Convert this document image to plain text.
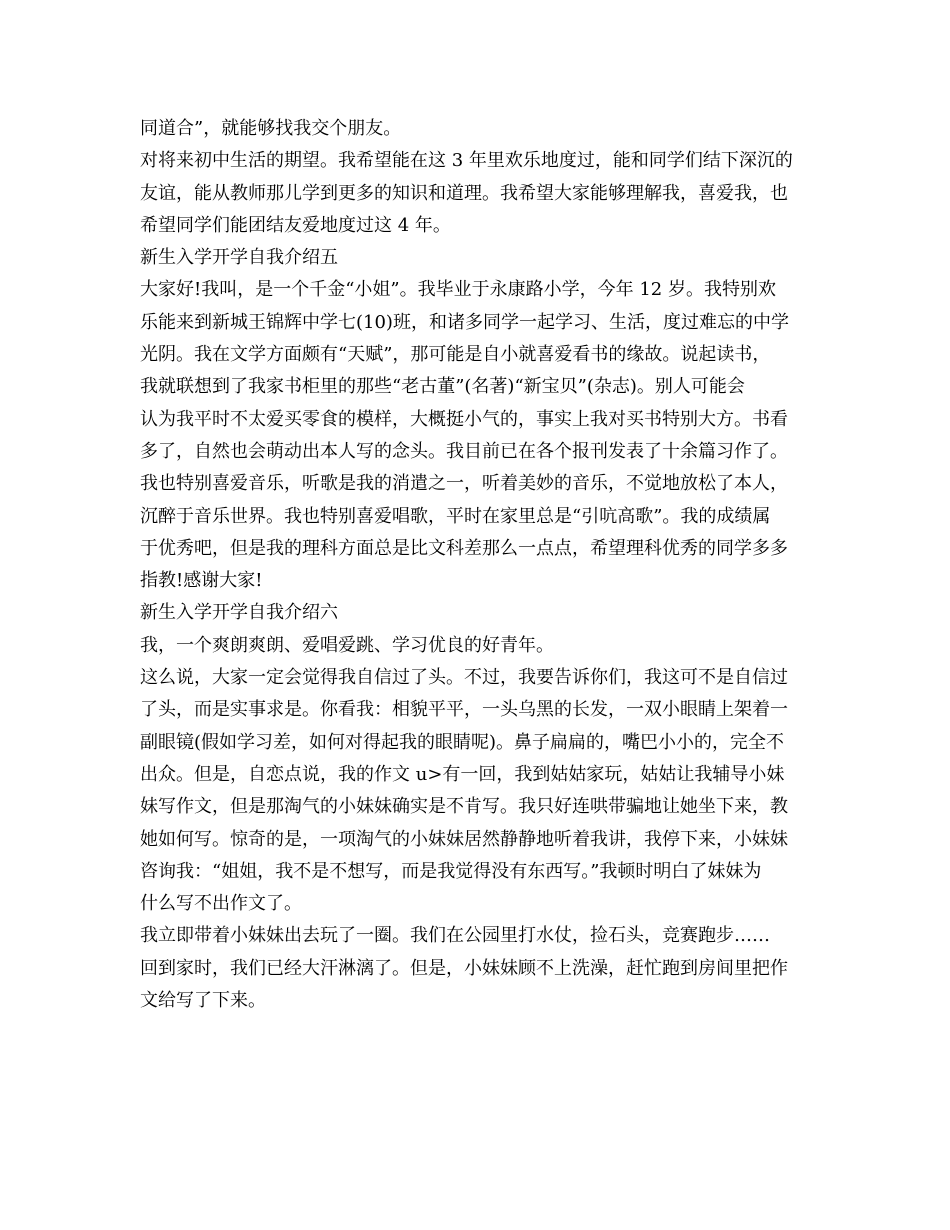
同道合”，就能够找我交个朋友。
对将来初中生活的期望。我希望能在这 3 年里欢乐地度过，能和同学们结下深沉的
友谊，能从教师那儿学到更多的知识和道理。我希望大家能够理解我，喜爱我，也
希望同学们能团结友爱地度过这 4 年。
新生入学开学自我介绍五
大家好!我叫，是一个千金“小姐”。我毕业于永康路小学，今年 12 岁。我特别欢
乐能来到新城王锦辉中学七(10)班，和诸多同学一起学习、生活，度过难忘的中学
光阴。我在文学方面颇有“天赋”，那可能是自小就喜爱看书的缘故。说起读书，
我就联想到了我家书柜里的那些“老古董”(名著)“新宝贝”(杂志)。别人可能会
认为我平时不太爱买零食的模样，大概挺小气的，事实上我对买书特别大方。书看
多了，自然也会萌动出本人写的念头。我目前已在各个报刊发表了十余篇习作了。
我也特别喜爱音乐，听歌是我的消遣之一，听着美妙的音乐，不觉地放松了本人，
沉醉于音乐世界。我也特别喜爱唱歌，平时在家里总是“引吭高歌”。我的成绩属
于优秀吧，但是我的理科方面总是比文科差那么一点点，希望理科优秀的同学多多
指教!感谢大家!
新生入学开学自我介绍六
我，一个爽朗爽朗、爱唱爱跳、学习优良的好青年。
这么说，大家一定会觉得我自信过了头。不过，我要告诉你们，我这可不是自信过
了头，而是实事求是。你看我：相貌平平，一头乌黑的长发，一双小眼睛上架着一
副眼镜(假如学习差，如何对得起我的眼睛呢)。鼻子扁扁的，嘴巴小小的，完全不
出众。但是，自恋点说，我的作文 u>有一回，我到姑姑家玩，姑姑让我辅导小妹
妹写作文，但是那淘气的小妹妹确实是不肯写。我只好连哄带骗地让她坐下来，教
她如何写。惊奇的是，一项淘气的小妹妹居然静静地听着我讲，我停下来，小妹妹
咨询我：“姐姐，我不是不想写，而是我觉得没有东西写。”我顿时明白了妹妹为
什么写不出作文了。
我立即带着小妹妹出去玩了一圈。我们在公园里打水仗，捡石头，竞赛跑步……
回到家时，我们已经大汗淋漓了。但是，小妹妹顾不上洗澡，赶忙跑到房间里把作
文给写了下来。
